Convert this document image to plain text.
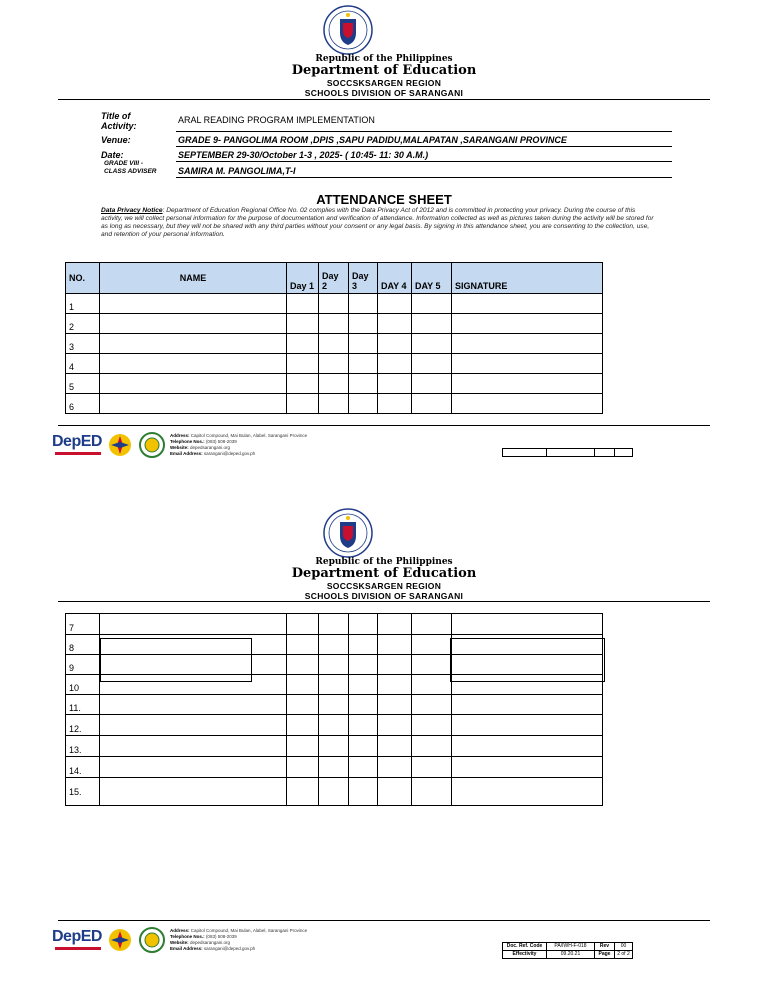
Republic of the Philippines
Department of Education
SOCCSKSARGEN REGION
SCHOOLS DIVISION OF SARANGANI
Title of Activity:
ARAL READING PROGRAM IMPLEMENTATION
Venue:	GRADE 9- PANGOLIMA ROOM ,DPIS ,SAPU PADIDU,MALAPATAN ,SARANGANI PROVINCE
Date:	SEPTEMBER 29-30/October 1-3 , 2025- ( 10:45- 11: 30 A.M.)
GRADE VIII -
CLASS ADVISER SAMIRA M. PANGOLIMA,T-I
ATTENDANCE SHEET
Data Privacy Notice: Department of Education Regional Office No. 02 complies with the Data Privacy Act of 2012 and is committed in protecting your privacy. During the course of this activity, we will collect personal information for the purpose of documentation and verification of attendance. Information collected as well as pictures taken during the activity will be stored for as long as necessary, but they will not be shared with any third parties without your consent or any legal basis. By signing in this attendance sheet, you are consenting to the collection, use, and retention of your personal information.
NO.	NAME	Day 1	Day 2	Day 3	DAY 4	DAY 5	SIGNATURE
1							
2							
3							
4							
5							
6							
DepED	Address: Capitol Compound, Mai Bulan, Alabel, Sarangani Province
Telephone Nos.: (083) 508-2039
Website: depedsarangani.org
Email Address: sarangani@deped.gov.ph

Republic of the Philippines
Department of Education
SOCCSKSARGEN REGION
SCHOOLS DIVISION OF SARANGANI
7							
8							
9							
10							
11.							
12.							
13.							
14.							
15.							
DepED	Address: Capitol Compound, Mai Bulan, Alabel, Sarangani Province
Telephone Nos.: (083) 508-2039
Website: depedsarangani.org
Email Address: sarangani@deped.gov.ph	Doc. Ref. Code	PA/IWH-F-018	Rev	00
Effectivity	09.20.21	Page	2 of 2
